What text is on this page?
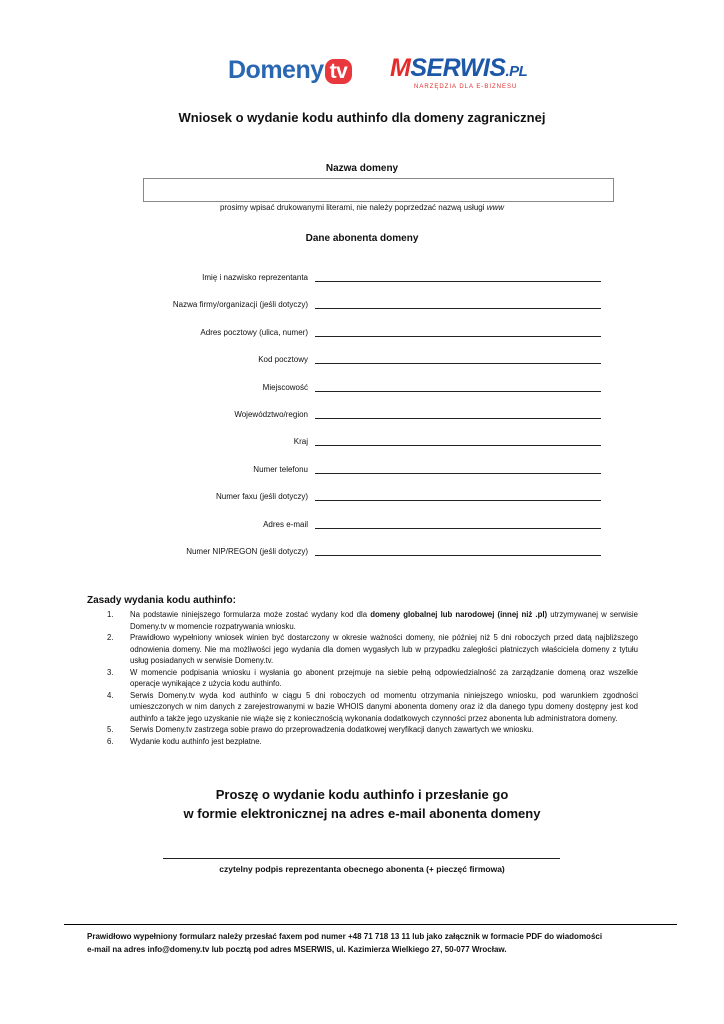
Domeny tv MSERWIS.PL
NARZĘDZIA DLA E-BIZNESU
Wniosek o wydanie kodu authinfo dla domeny zagranicznej
Nazwa domeny
prosimy wpisać drukowanymi literami, nie należy poprzedzać nazwą usługi www
Dane abonenta domeny
Imię i nazwisko reprezentanta
Nazwa firmy/organizacji (jeśli dotyczy)
Adres pocztowy (ulica, numer)
Kod pocztowy
Miejscowość
Województwo/region
Kraj
Numer telefonu
Numer faxu (jeśli dotyczy)
Adres e-mail
Numer NIP/REGON (jeśli dotyczy)
Zasady wydania kodu authinfo:
1. Na podstawie niniejszego formularza może zostać wydany kod dla domeny globalnej lub narodowej (innej niż .pl) utrzymywanej w serwisie Domeny.tv w momencie rozpatrywania wniosku.
2. Prawidłowo wypełniony wniosek winien być dostarczony w okresie ważności domeny, nie później niż 5 dni roboczych przed datą najbliższego odnowienia domeny. Nie ma możliwości jego wydania dla domen wygasłych lub w przypadku zaległości płatniczych właściciela domeny z tytułu usług posiadanych w serwisie Domeny.tv.
3. W momencie podpisania wniosku i wysłania go abonent przejmuje na siebie pełną odpowiedzialność za zarządzanie domeną oraz wszelkie operacje wynikające z użycia kodu authinfo.
4. Serwis Domeny.tv wyda kod authinfo w ciągu 5 dni roboczych od momentu otrzymania niniejszego wniosku, pod warunkiem zgodności umieszczonych w nim danych z zarejestrowanymi w bazie WHOIS danymi abonenta domeny oraz iż dla danego typu domeny dostępny jest kod authinfo a także jego uzyskanie nie wiąże się z koniecznością wykonania dodatkowych czynności przez abonenta lub administratora domeny.
5. Serwis Domeny.tv zastrzega sobie prawo do przeprowadzenia dodatkowej weryfikacji danych zawartych we wniosku.
6. Wydanie kodu authinfo jest bezpłatne.
Proszę o wydanie kodu authinfo i przesłanie go
w formie elektronicznej na adres e-mail abonenta domeny
czytelny podpis reprezentanta obecnego abonenta (+ pieczęć firmowa)
Prawidłowo wypełniony formularz należy przesłać faxem pod numer +48 71 718 13 11 lub jako załącznik w formacie PDF do wiadomości
e-mail na adres info@domeny.tv lub pocztą pod adres MSERWIS, ul. Kazimierza Wielkiego 27, 50-077 Wrocław.
